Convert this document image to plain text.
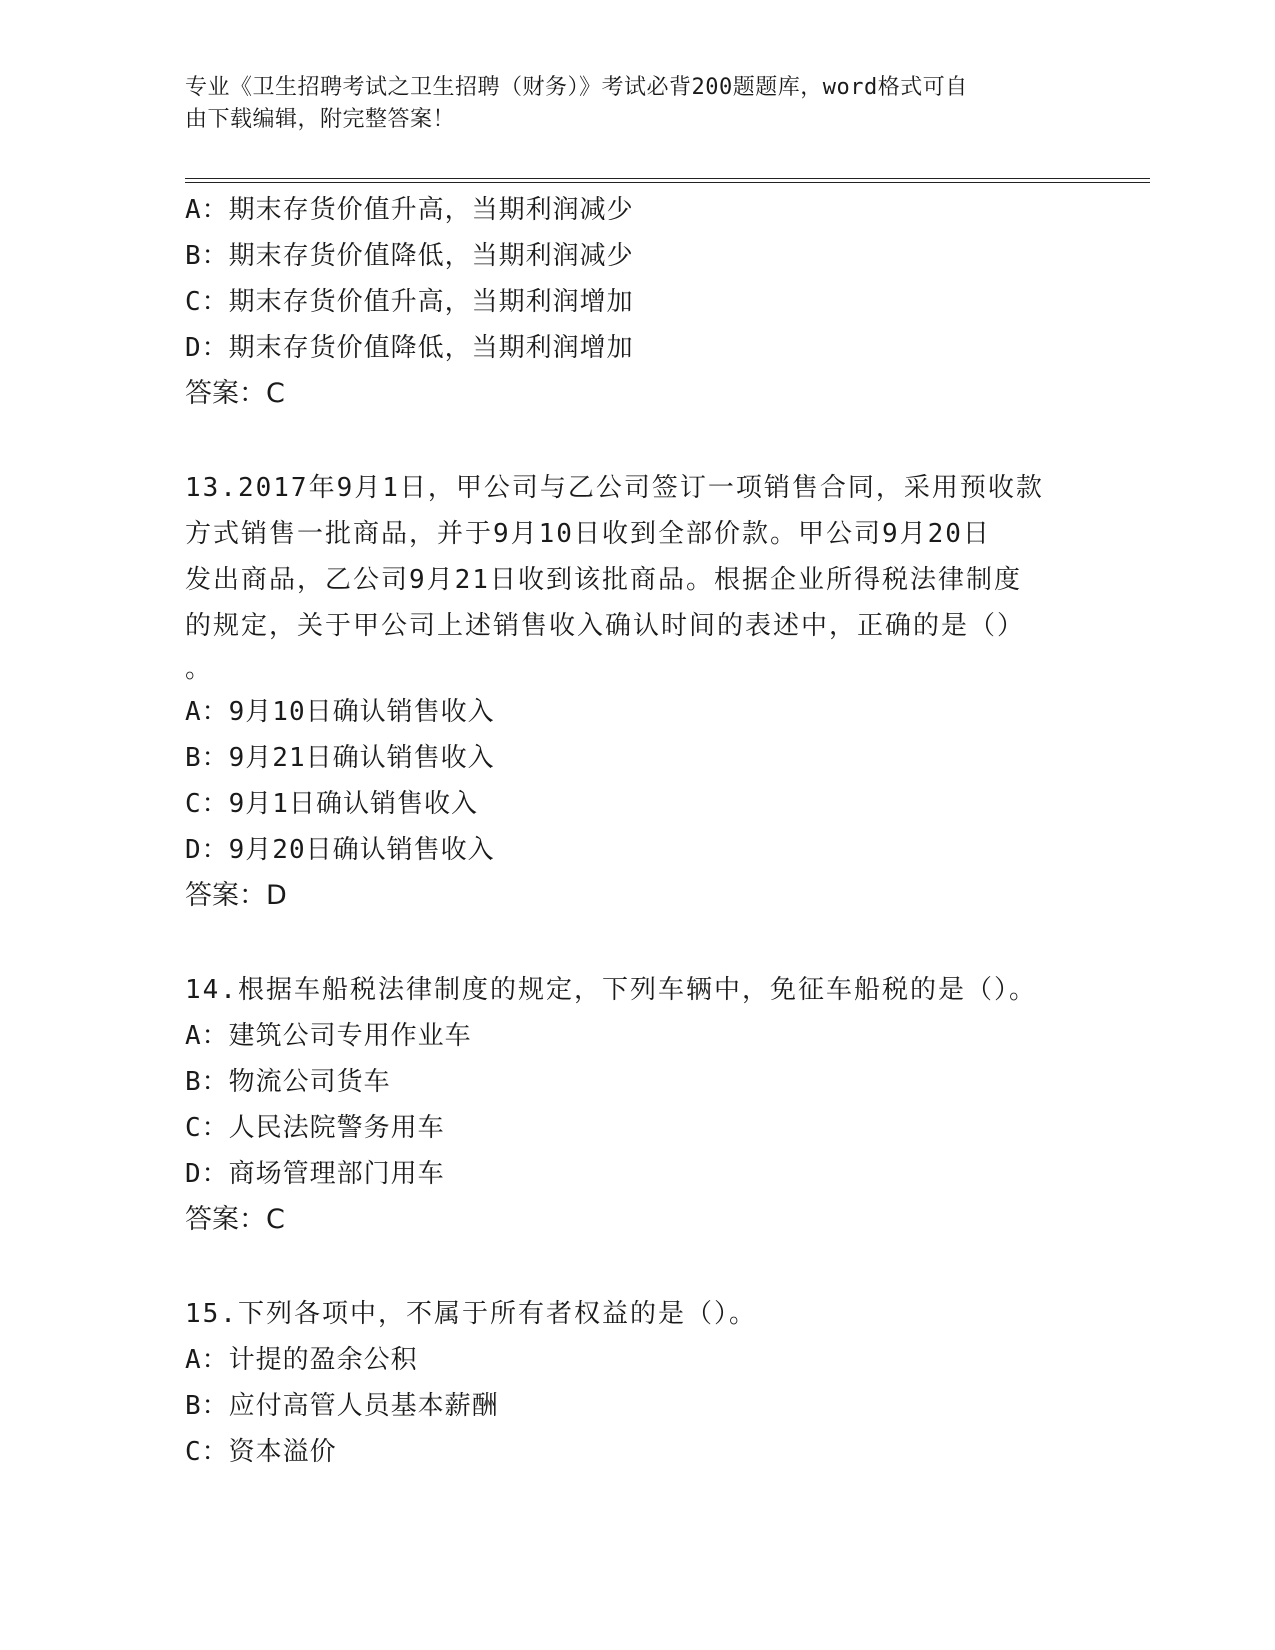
专业《卫生招聘考试之卫生招聘（财务）》考试必背200题题库，word格式可自
由下载编辑，附完整答案！
A：期末存货价值升高，当期利润减少
B：期末存货价值降低，当期利润减少
C：期末存货价值升高，当期利润增加
D：期末存货价值降低，当期利润增加
答案：C
13.2017年9月1日，甲公司与乙公司签订一项销售合同，采用预收款
方式销售一批商品，并于9月10日收到全部价款。甲公司9月20日
发出商品，乙公司9月21日收到该批商品。根据企业所得税法律制度
的规定，关于甲公司上述销售收入确认时间的表述中，正确的是（）
。
A：9月10日确认销售收入
B：9月21日确认销售收入
C：9月1日确认销售收入
D：9月20日确认销售收入
答案：D
14.根据车船税法律制度的规定，下列车辆中，免征车船税的是（）。
A：建筑公司专用作业车
B：物流公司货车
C：人民法院警务用车
D：商场管理部门用车
答案：C
15.下列各项中，不属于所有者权益的是（）。
A：计提的盈余公积
B：应付高管人员基本薪酬
C：资本溢价
